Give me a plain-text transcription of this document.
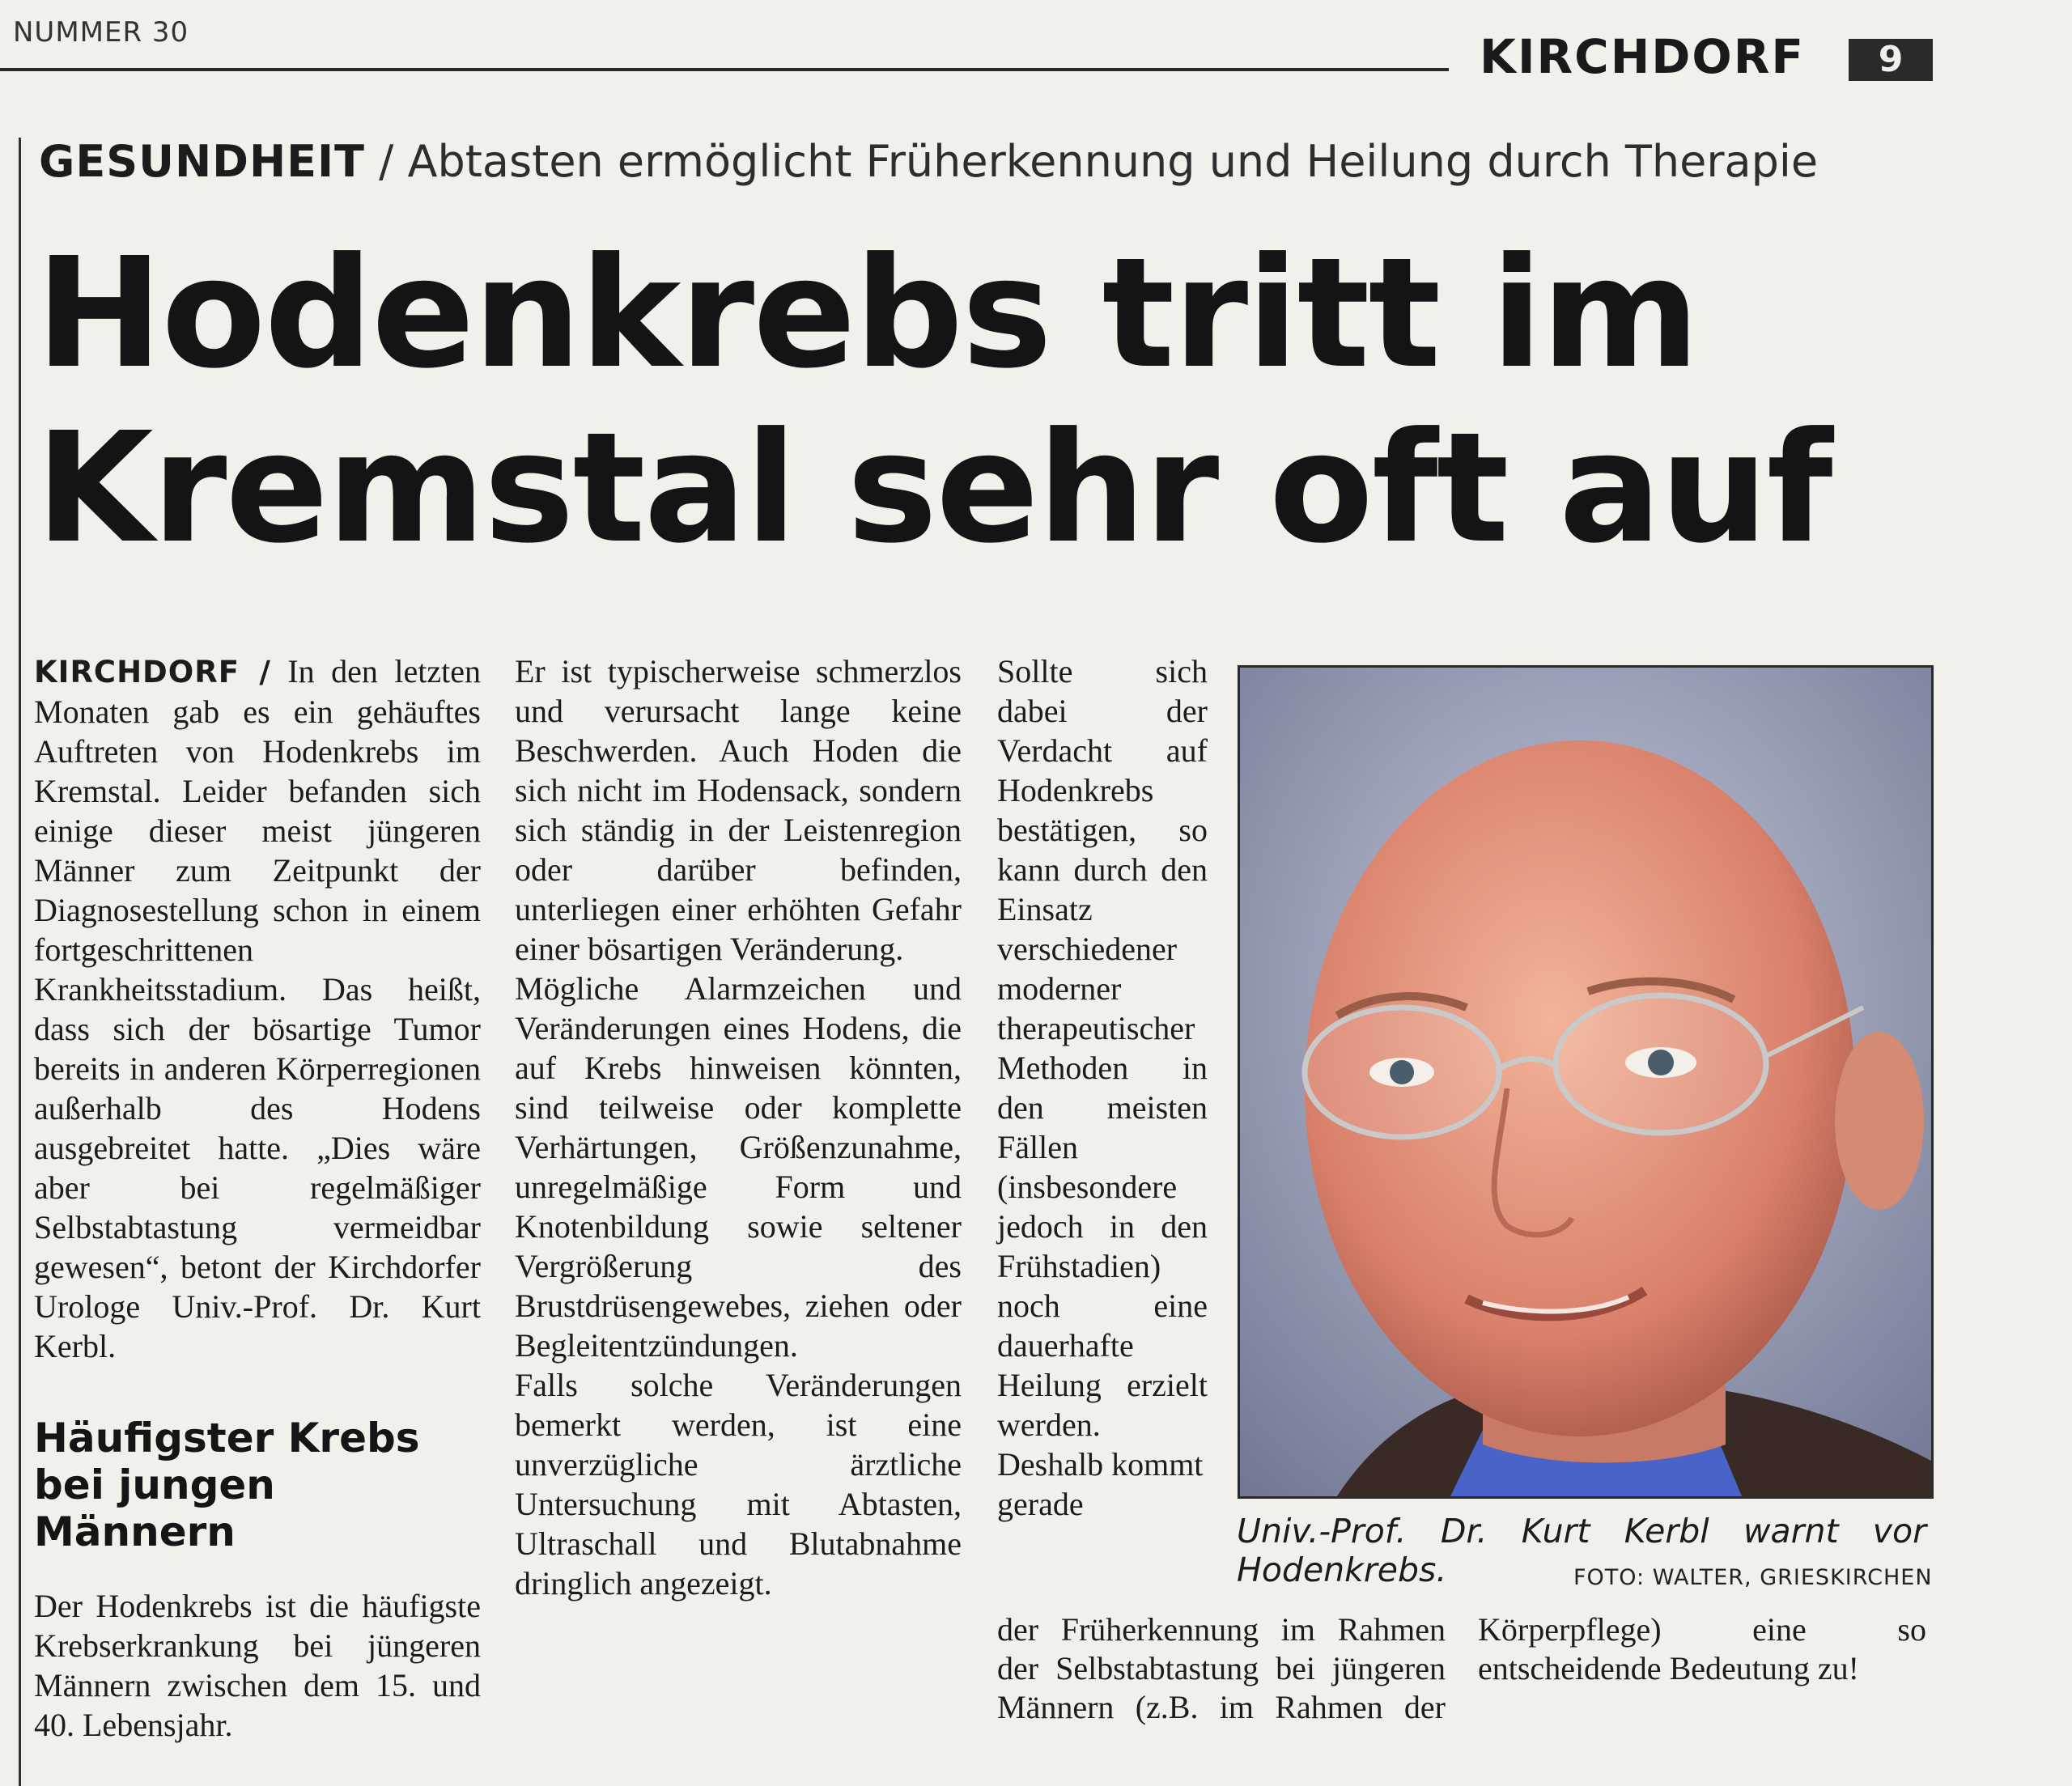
NUMMER 30	KIRCHDORF	9
GESUNDHEIT / Abtasten ermöglicht Früherkennung und Heilung durch Therapie
Hodenkrebs tritt im
Kremstal sehr oft auf

KIRCHDORF / In den letzten Monaten gab es ein gehäuftes Auftreten von Hodenkrebs im Kremstal. Leider befanden sich einige dieser meist jüngeren Männer zum Zeitpunkt der Diagnosestellung schon in einem fortgeschrittenen Krankheitsstadium. Das heißt, dass sich der bösartige Tumor bereits in anderen Körperregionen außerhalb des Hodens ausgebreitet hatte. „Dies wäre aber bei regelmäßiger Selbstabtastung vermeidbar gewesen“, betont der Kirchdorfer Urologe Univ.-Prof. Dr. Kurt Kerbl.

Häufigster Krebs bei jungen Männern

Der Hodenkrebs ist die häufigste Krebserkrankung bei jüngeren Männern zwischen dem 15. und 40. Lebensjahr.

Er ist typischerweise schmerzlos und verursacht lange keine Beschwerden. Auch Hoden die sich nicht im Hodensack, sondern sich ständig in der Leistenregion oder darüber befinden, unterliegen einer erhöhten Gefahr einer bösartigen Veränderung.

Mögliche Alarmzeichen und Veränderungen eines Hodens, die auf Krebs hinweisen könnten, sind teilweise oder komplette Verhärtungen, Größenzunahme, unregelmäßige Form und Knotenbildung sowie seltener Vergrößerung des Brustdrüsengewebes, ziehen oder Begleitentzündungen.

Falls solche Veränderungen bemerkt werden, ist eine unverzügliche ärztliche Untersuchung mit Abtasten, Ultraschall und Blutabnahme dringlich angezeigt.

Sollte sich dabei der Verdacht auf Hodenkrebs bestätigen, so kann durch den Einsatz verschiedener moderner therapeutischer Methoden in den meisten Fällen (insbesondere jedoch in den Frühstadien) noch eine dauerhafte Heilung erzielt werden.

Deshalb kommt gerade

der Früherkennung im Rahmen der Selbstabtastung bei jüngeren Männern (z.B. im Rahmen der Körperpflege) eine so entscheidende Bedeutung zu!

Univ.-Prof. Dr. Kurt Kerbl warnt vor Hodenkrebs.	FOTO: WALTER, GRIESKIRCHEN
